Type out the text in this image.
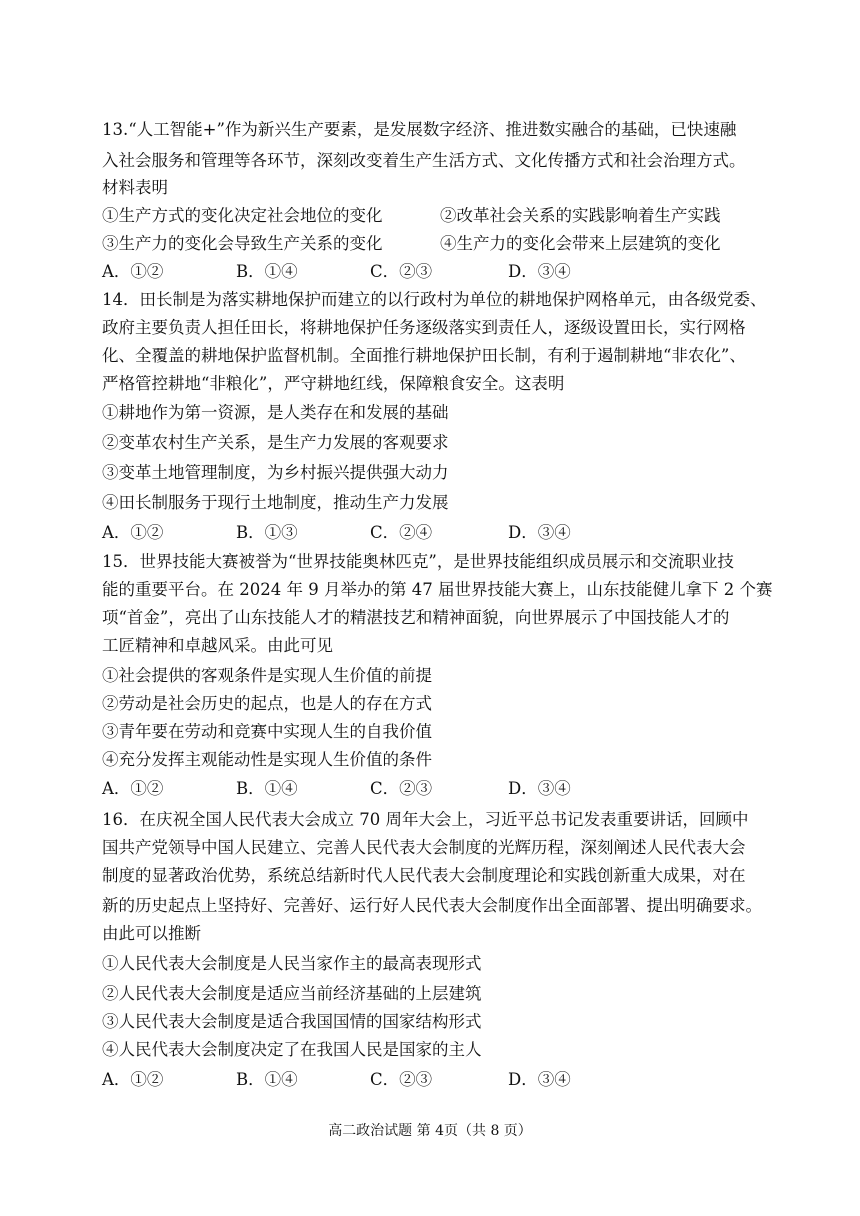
13.“人工智能+”作为新兴生产要素，是发展数字经济、推进数实融合的基础，已快速融
入社会服务和管理等各环节，深刻改变着生产生活方式、文化传播方式和社会治理方式。
材料表明
①生产方式的变化决定社会地位的变化	②改革社会关系的实践影响着生产实践
③生产力的变化会导致生产关系的变化	④生产力的变化会带来上层建筑的变化
A．①②	B．①④	C．②③	D．③④
14．田长制是为落实耕地保护而建立的以行政村为单位的耕地保护网格单元，由各级党委、
政府主要负责人担任田长，将耕地保护任务逐级落实到责任人，逐级设置田长，实行网格
化、全覆盖的耕地保护监督机制。全面推行耕地保护田长制，有利于遏制耕地“非农化”、
严格管控耕地“非粮化”，严守耕地红线，保障粮食安全。这表明
①耕地作为第一资源，是人类存在和发展的基础
②变革农村生产关系，是生产力发展的客观要求
③变革土地管理制度，为乡村振兴提供强大动力
④田长制服务于现行土地制度，推动生产力发展
A．①②	B．①③	C．②④	D．③④
15．世界技能大赛被誉为“世界技能奥林匹克”，是世界技能组织成员展示和交流职业技
能的重要平台。在 2024 年 9 月举办的第 47 届世界技能大赛上，山东技能健儿拿下 2 个赛
项“首金”，亮出了山东技能人才的精湛技艺和精神面貌，向世界展示了中国技能人才的
工匠精神和卓越风采。由此可见
①社会提供的客观条件是实现人生价值的前提
②劳动是社会历史的起点，也是人的存在方式
③青年要在劳动和竞赛中实现人生的自我价值
④充分发挥主观能动性是实现人生价值的条件
A．①②	B．①④	C．②③	D．③④
16．在庆祝全国人民代表大会成立 70 周年大会上，习近平总书记发表重要讲话，回顾中
国共产党领导中国人民建立、完善人民代表大会制度的光辉历程，深刻阐述人民代表大会
制度的显著政治优势，系统总结新时代人民代表大会制度理论和实践创新重大成果，对在
新的历史起点上坚持好、完善好、运行好人民代表大会制度作出全面部署、提出明确要求。
由此可以推断
①人民代表大会制度是人民当家作主的最高表现形式
②人民代表大会制度是适应当前经济基础的上层建筑
③人民代表大会制度是适合我国国情的国家结构形式
④人民代表大会制度决定了在我国人民是国家的主人
A．①②	B．①④	C．②③	D．③④
高二政治试题 第 4页（共 8 页）
